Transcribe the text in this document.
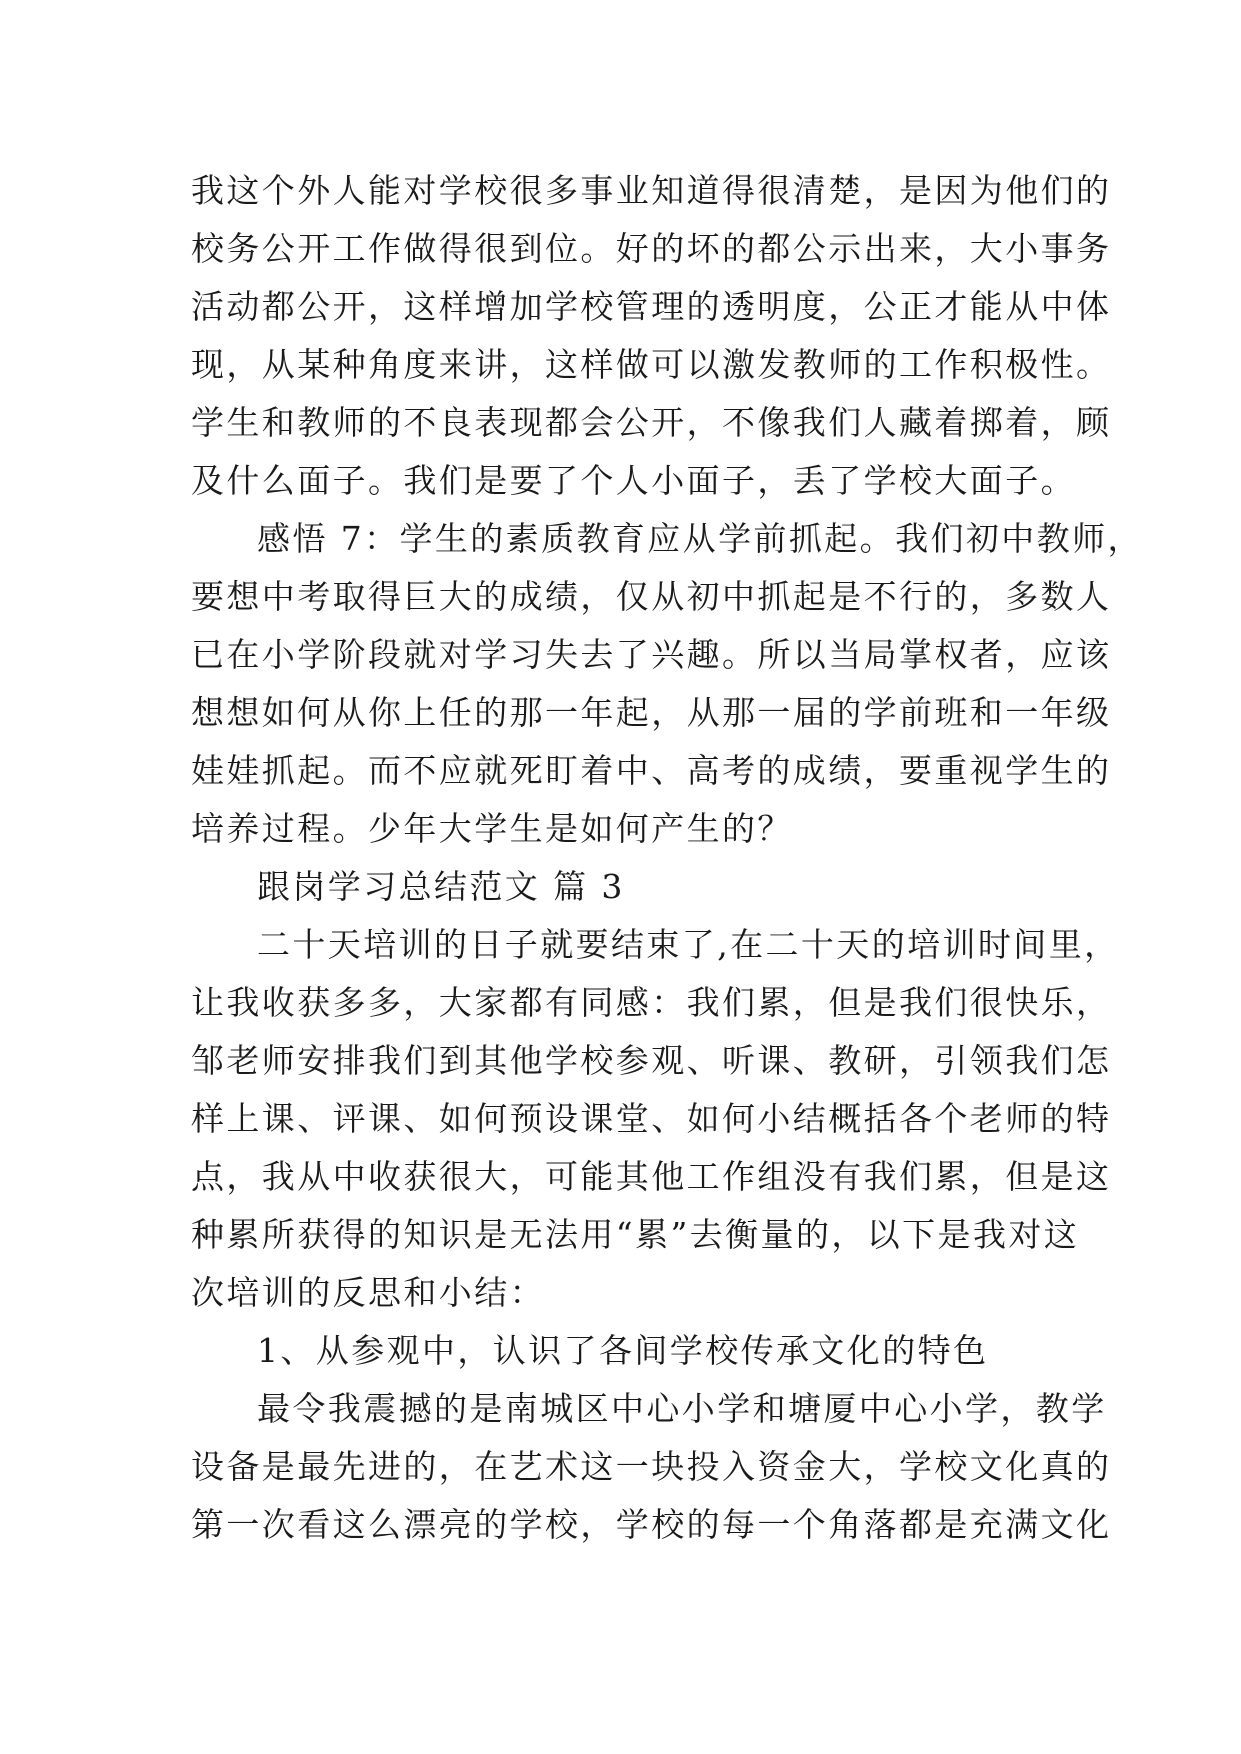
我这个外人能对学校很多事业知道得很清楚，是因为他们的
校务公开工作做得很到位。好的坏的都公示出来，大小事务
活动都公开，这样增加学校管理的透明度，公正才能从中体
现，从某种角度来讲，这样做可以激发教师的工作积极性。
学生和教师的不良表现都会公开，不像我们人藏着掷着，顾
及什么面子。我们是要了个人小面子，丢了学校大面子。
感悟 7：学生的素质教育应从学前抓起。我们初中教师，
要想中考取得巨大的成绩，仅从初中抓起是不行的，多数人
已在小学阶段就对学习失去了兴趣。所以当局掌权者，应该
想想如何从你上任的那一年起，从那一届的学前班和一年级
娃娃抓起。而不应就死盯着中、高考的成绩，要重视学生的
培养过程。少年大学生是如何产生的？
跟岗学习总结范文 篇 3
二十天培训的日子就要结束了,在二十天的培训时间里，
让我收获多多，大家都有同感：我们累，但是我们很快乐，
邹老师安排我们到其他学校参观、听课、教研，引领我们怎
样上课、评课、如何预设课堂、如何小结概括各个老师的特
点，我从中收获很大，可能其他工作组没有我们累，但是这
种累所获得的知识是无法用“累”去衡量的，以下是我对这
次培训的反思和小结：
1、从参观中，认识了各间学校传承文化的特色
最令我震撼的是南城区中心小学和塘厦中心小学，教学
设备是最先进的，在艺术这一块投入资金大，学校文化真的
第一次看这么漂亮的学校，学校的每一个角落都是充满文化
